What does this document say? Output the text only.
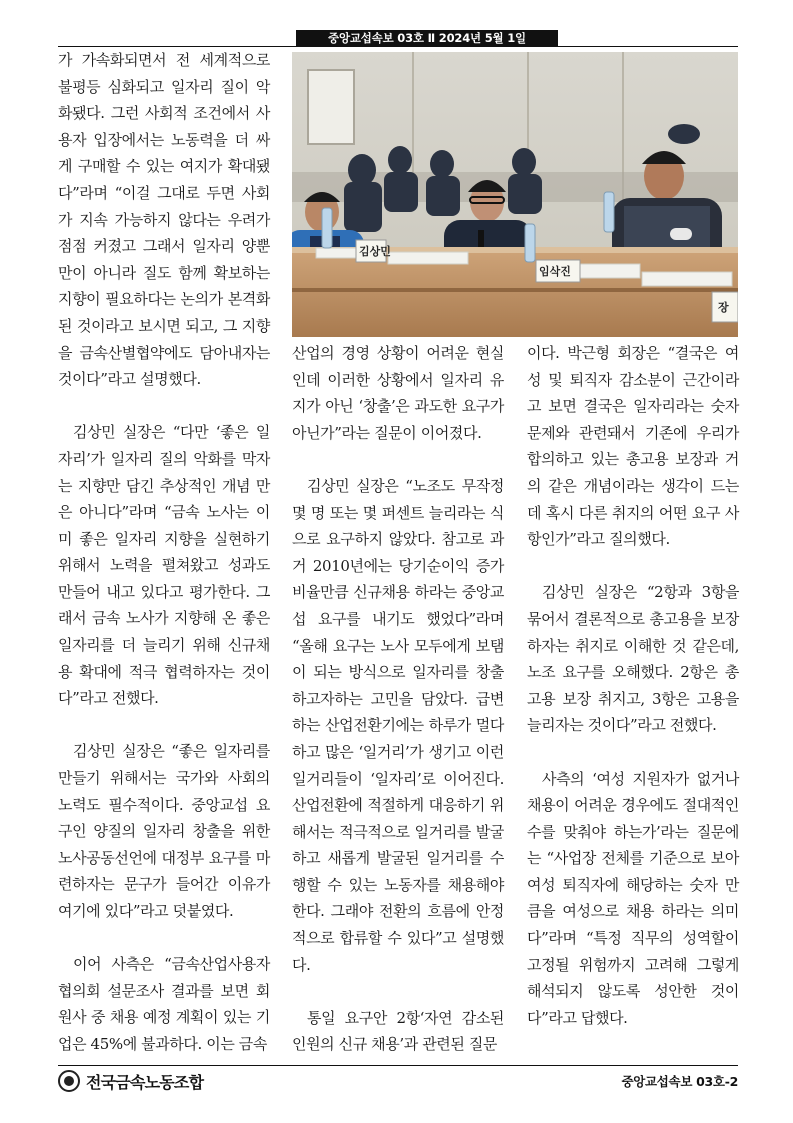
중앙교섭속보 03호 Ⅱ 2024년 5월 1일

가 가속화되면서 전 세계적으로 불평등 심화되고 일자리 질이 악화됐다. 그런 사회적 조건에서 사용자 입장에서는 노동력을 더 싸게 구매할 수 있는 여지가 확대됐다”라며 “이걸 그대로 두면 사회가 지속 가능하지 않다는 우려가 점점 커졌고 그래서 일자리 양뿐만이 아니라 질도 함께 확보하는 지향이 필요하다는 논의가 본격화된 것이라고 보시면 되고, 그 지향을 금속산별협약에도 담아내자는 것이다”라고 설명했다.

김상민 실장은 “다만 ‘좋은 일자리’가 일자리 질의 악화를 막자는 지향만 담긴 추상적인 개념 만은 아니다”라며 “금속 노사는 이미 좋은 일자리 지향을 실현하기 위해서 노력을 펼쳐왔고 성과도 만들어 내고 있다고 평가한다. 그래서 금속 노사가 지향해 온 좋은 일자리를 더 늘리기 위해 신규채용 확대에 적극 협력하자는 것이다”라고 전했다.

김상민 실장은 “좋은 일자리를 만들기 위해서는 국가와 사회의 노력도 필수적이다. 중앙교섭 요구인 양질의 일자리 창출을 위한 노사공동선언에 대정부 요구를 마련하자는 문구가 들어간 이유가 여기에 있다”라고 덧붙였다.

이어 사측은 “금속산업사용자협의회 설문조사 결과를 보면 회원사 중 채용 예정 계획이 있는 기업은 45%에 불과하다. 이는 금속

김상민
임삭진
장

산업의 경영 상황이 어려운 현실인데 이러한 상황에서 일자리 유지가 아닌 ‘창출’은 과도한 요구가 아닌가”라는 질문이 이어졌다.

김상민 실장은 “노조도 무작정 몇 명 또는 몇 퍼센트 늘리라는 식으로 요구하지 않았다. 참고로 과거 2010년에는 당기순이익 증가 비율만큼 신규채용 하라는 중앙교섭 요구를 내기도 했었다”라며 “올해 요구는 노사 모두에게 보탬이 되는 방식으로 일자리를 창출하고자하는 고민을 담았다. 급변하는 산업전환기에는 하루가 멀다하고 많은 ‘일거리’가 생기고 이런 일거리들이 ‘일자리’로 이어진다. 산업전환에 적절하게 대응하기 위해서는 적극적으로 일거리를 발굴하고 새롭게 발굴된 일거리를 수행할 수 있는 노동자를 채용해야 한다. 그래야 전환의 흐름에 안정적으로 합류할 수 있다”고 설명했다.

통일 요구안 2항‘자연 감소된 인원의 신규 채용’과 관련된 질문

이다. 박근형 회장은 “결국은 여성 및 퇴직자 감소분이 근간이라고 보면 결국은 일자리라는 숫자 문제와 관련돼서 기존에 우리가 합의하고 있는 총고용 보장과 거의 같은 개념이라는 생각이 드는데 혹시 다른 취지의 어떤 요구 사항인가”라고 질의했다.

김상민 실장은 “2항과 3항을 묶어서 결론적으로 총고용을 보장하자는 취지로 이해한 것 같은데, 노조 요구를 오해했다. 2항은 총고용 보장 취지고, 3항은 고용을 늘리자는 것이다”라고 전했다.

사측의 ‘여성 지원자가 없거나 채용이 어려운 경우에도 절대적인 수를 맞춰야 하는가’라는 질문에는 “사업장 전체를 기준으로 보아 여성 퇴직자에 해당하는 숫자 만큼을 여성으로 채용 하라는 의미다”라며 “특정 직무의 성역할이 고정될 위험까지 고려해 그렇게 해석되지 않도록 성안한 것이다”라고 답했다.

전국금속노동조합	중앙교섭속보 03호-2
